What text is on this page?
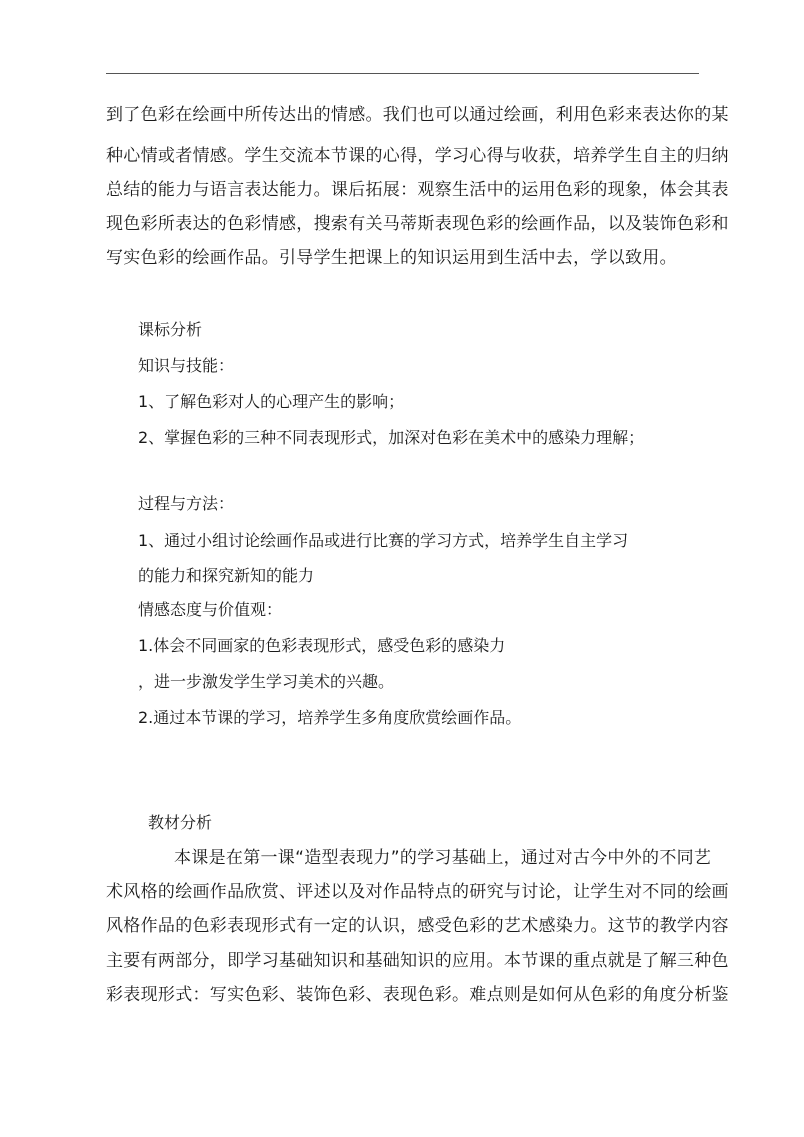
到了色彩在绘画中所传达出的情感。我们也可以通过绘画，利用色彩来表达你的某
种心情或者情感。学生交流本节课的心得，学习心得与收获，培养学生自主的归纳
总结的能力与语言表达能力。课后拓展：观察生活中的运用色彩的现象，体会其表
现色彩所表达的色彩情感，搜索有关马蒂斯表现色彩的绘画作品，以及装饰色彩和
写实色彩的绘画作品。引导学生把课上的知识运用到生活中去，学以致用。
课标分析
知识与技能：
1、了解色彩对人的心理产生的影响；
2、掌握色彩的三种不同表现形式，加深对色彩在美术中的感染力理解；
过程与方法：
1、通过小组讨论绘画作品或进行比赛的学习方式，培养学生自主学习
的能力和探究新知的能力
情感态度与价值观：
1.体会不同画家的色彩表现形式，感受色彩的感染力
，进一步激发学生学习美术的兴趣。
2.通过本节课的学习，培养学生多角度欣赏绘画作品。
教材分析
本课是在第一课“造型表现力”的学习基础上，通过对古今中外的不同艺
术风格的绘画作品欣赏、评述以及对作品特点的研究与讨论，让学生对不同的绘画
风格作品的色彩表现形式有一定的认识，感受色彩的艺术感染力。这节的教学内容
主要有两部分，即学习基础知识和基础知识的应用。本节课的重点就是了解三种色
彩表现形式：写实色彩、装饰色彩、表现色彩。难点则是如何从色彩的角度分析鉴
